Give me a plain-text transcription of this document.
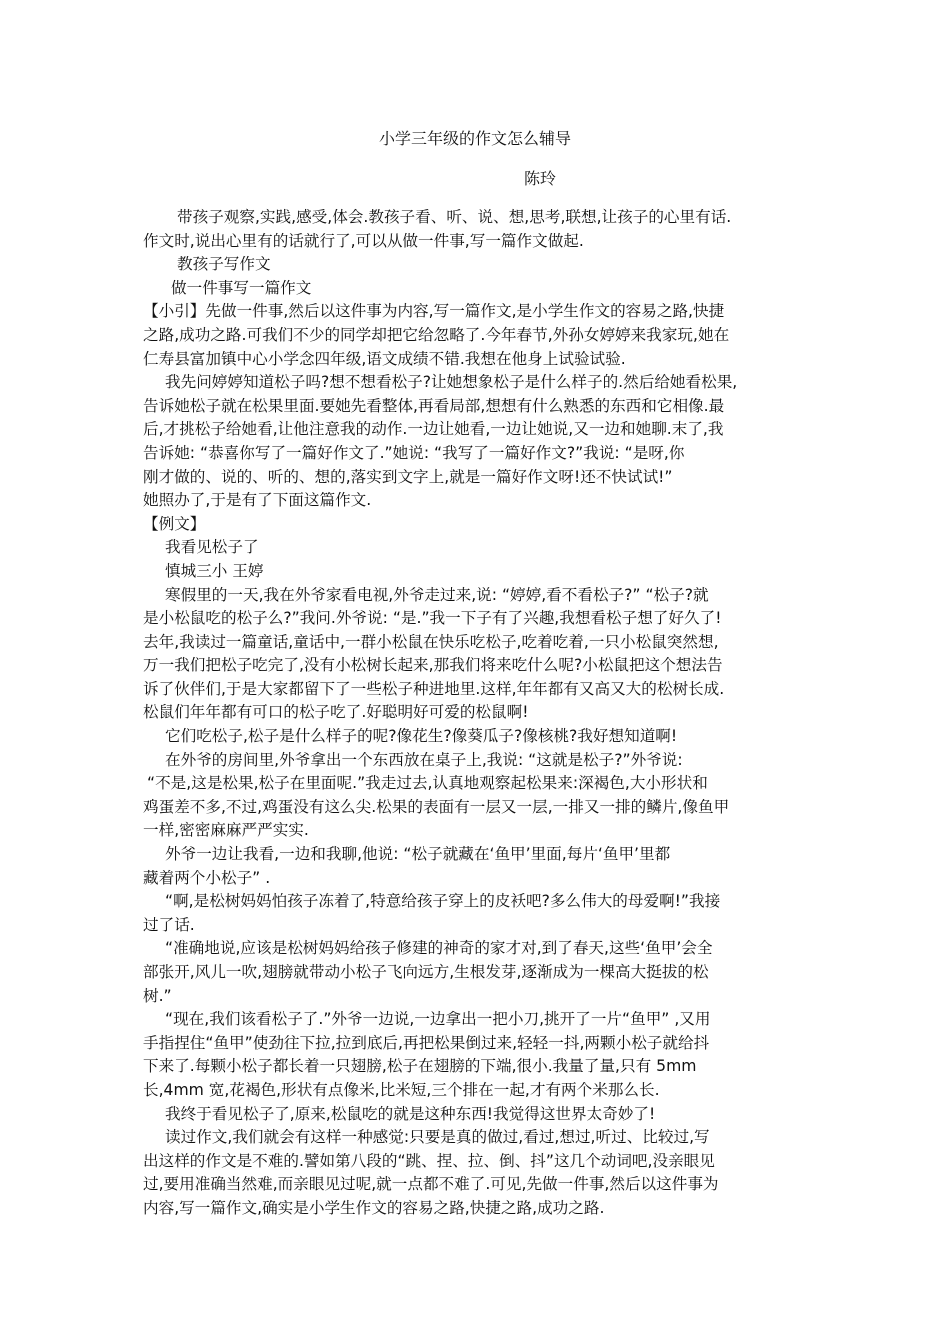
小学三年级的作文怎么辅导
陈玲
带孩子观察,实践,感受,体会.教孩子看、听、说、想,思考,联想,让孩子的心里有话.
作文时,说出心里有的话就行了,可以从做一件事,写一篇作文做起.
教孩子写作文
做一件事写一篇作文
【小引】先做一件事,然后以这件事为内容,写一篇作文,是小学生作文的容易之路,快捷
之路,成功之路.可我们不少的同学却把它给忽略了.今年春节,外孙女婷婷来我家玩,她在
仁寿县富加镇中心小学念四年级,语文成绩不错.我想在他身上试验试验.
我先问婷婷知道松子吗?想不想看松子?让她想象松子是什么样子的.然后给她看松果,
告诉她松子就在松果里面.要她先看整体,再看局部,想想有什么熟悉的东西和它相像.最
后,才挑松子给她看,让他注意我的动作.一边让她看,一边让她说,又一边和她聊.末了,我
告诉她: “恭喜你写了一篇好作文了.”她说: “我写了一篇好作文?”我说: “是呀,你
刚才做的、说的、听的、想的,落实到文字上,就是一篇好作文呀!还不快试试!”
她照办了,于是有了下面这篇作文.
【例文】
我看见松子了
慎城三小 王婷
寒假里的一天,我在外爷家看电视,外爷走过来,说: “婷婷,看不看松子?” “松子?就
是小松鼠吃的松子么?”我问.外爷说: “是.”我一下子有了兴趣,我想看松子想了好久了!
去年,我读过一篇童话,童话中,一群小松鼠在快乐吃松子,吃着吃着,一只小松鼠突然想,
万一我们把松子吃完了,没有小松树长起来,那我们将来吃什么呢?小松鼠把这个想法告
诉了伙伴们,于是大家都留下了一些松子种进地里.这样,年年都有又高又大的松树长成.
松鼠们年年都有可口的松子吃了.好聪明好可爱的松鼠啊!
它们吃松子,松子是什么样子的呢?像花生?像葵瓜子?像核桃?我好想知道啊!
在外爷的房间里,外爷拿出一个东西放在桌子上,我说: “这就是松子?”外爷说:
“不是,这是松果,松子在里面呢.”我走过去,认真地观察起松果来:深褐色,大小形状和
鸡蛋差不多,不过,鸡蛋没有这么尖.松果的表面有一层又一层,一排又一排的鳞片,像鱼甲
一样,密密麻麻严严实实.
外爷一边让我看,一边和我聊,他说: “松子就藏在‘鱼甲’里面,每片‘鱼甲’里都
藏着两个小松子” .
“啊,是松树妈妈怕孩子冻着了,特意给孩子穿上的皮袄吧?多么伟大的母爱啊!”我接
过了话.
“准确地说,应该是松树妈妈给孩子修建的神奇的家才对,到了春天,这些‘鱼甲’会全
部张开,风儿一吹,翅膀就带动小松子飞向远方,生根发芽,逐渐成为一棵高大挺拔的松
树.”
“现在,我们该看松子了.”外爷一边说,一边拿出一把小刀,挑开了一片“鱼甲” ,又用
手指捏住“鱼甲”使劲往下拉,拉到底后,再把松果倒过来,轻轻一抖,两颗小松子就给抖
下来了.每颗小松子都长着一只翅膀,松子在翅膀的下端,很小.我量了量,只有 5mm
长,4mm 宽,花褐色,形状有点像米,比米短,三个排在一起,才有两个米那么长.
我终于看见松子了,原来,松鼠吃的就是这种东西!我觉得这世界太奇妙了!
读过作文,我们就会有这样一种感觉:只要是真的做过,看过,想过,听过、比较过,写
出这样的作文是不难的.譬如第八段的“跳、捏、拉、倒、抖”这几个动词吧,没亲眼见
过,要用准确当然难,而亲眼见过呢,就一点都不难了.可见,先做一件事,然后以这件事为
内容,写一篇作文,确实是小学生作文的容易之路,快捷之路,成功之路.
